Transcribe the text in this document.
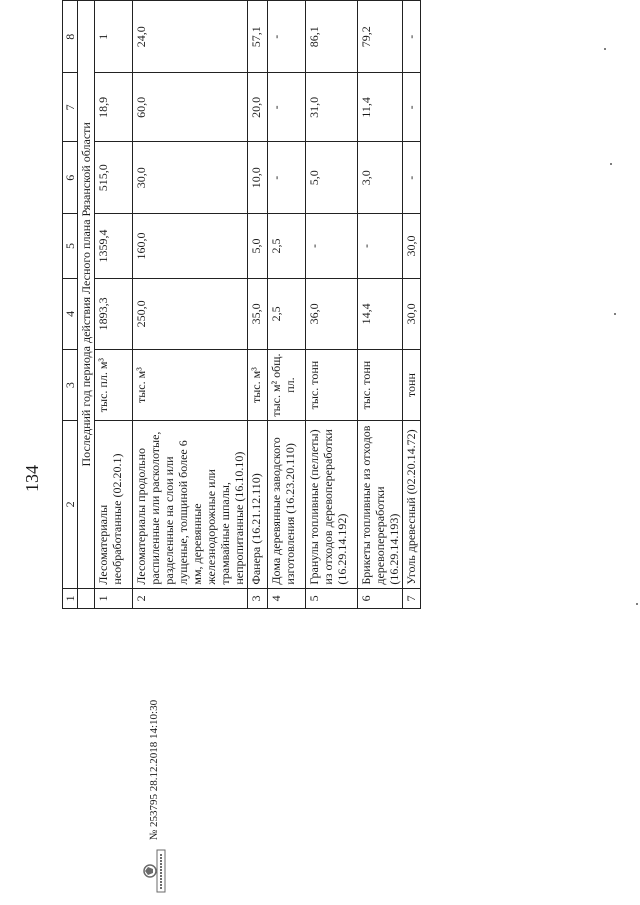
134
1	2	3	4	5	6	7	8
	Последний год периода действия Лесного плана Рязанской области						
1	Лесоматериалы необработанные (02.20.1)	тыс. пл. м³	1893,3	1359,4	515,0	18,9	1
2	Лесоматериалы продольно распиленные или расколотые, разделенные на слои или лущеные, толщиной более 6 мм, деревянные железнодорожные или трамвайные шпалы, непропитанные (16.10.10)	тыс. м³	250,0	160,0	30,0	60,0	24,0
3	Фанера (16.21.12.110)	тыс. м³	35,0	5,0	10,0	20,0	57,1
4	Дома деревянные заводского изготовления (16.23.20.110)	тыс. м² общ. пл.	2,5	2,5	-	-	-
5	Гранулы топливные (пеллеты) из отходов деревопереработки (16.29.14.192)	тыс. тонн	36,0	-	5,0	31,0	86,1
6	Брикеты топливные из отходов деревопереработки (16.29.14.193)	тыс. тонн	14,4	-	3,0	11,4	79,2
7	Уголь древесный (02.20.14.72)	тонн	30,0	30,0	-	-	-
№ 253795 28.12.2018 14:10:30
